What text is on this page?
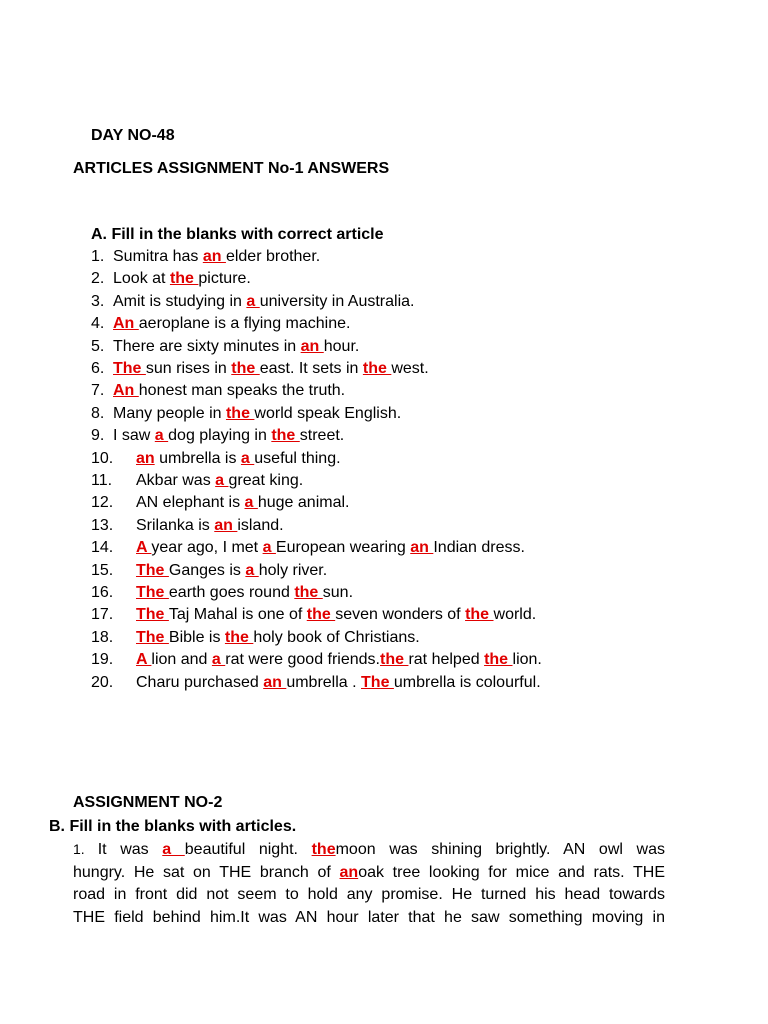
DAY NO-48
ARTICLES ASSIGNMENT No-1 ANSWERS
A. Fill in the blanks with correct article
1. Sumitra has an elder brother.
2. Look at the picture.
3. Amit is studying in a university in Australia.
4. An aeroplane is a flying machine.
5. There are sixty minutes in an hour.
6. The sun rises in the east. It sets in the west.
7. An honest man speaks the truth.
8. Many people in the world speak English.
9. I saw a dog playing in the street.
10. an umbrella is a useful thing.
11. Akbar was a great king.
12. AN elephant is a huge animal.
13. Srilanka is an island.
14. A year ago, I met a European wearing an Indian dress.
15. The Ganges is a holy river.
16. The earth goes round the sun.
17. The Taj Mahal is one of the seven wonders of the world.
18. The Bible is the holy book of Christians.
19. A lion and a rat were good friends.the rat helped the lion.
20. Charu purchased an umbrella . The umbrella is colourful.
ASSIGNMENT NO-2
B. Fill in the blanks with articles.
1. It was a beautiful night. themoon was shining brightly. AN owl was
hungry. He sat on THE branch of anoak tree looking for mice and rats. THE
road in front did not seem to hold any promise. He turned his head towards
THE field behind him.It was AN hour later that he saw something moving in
